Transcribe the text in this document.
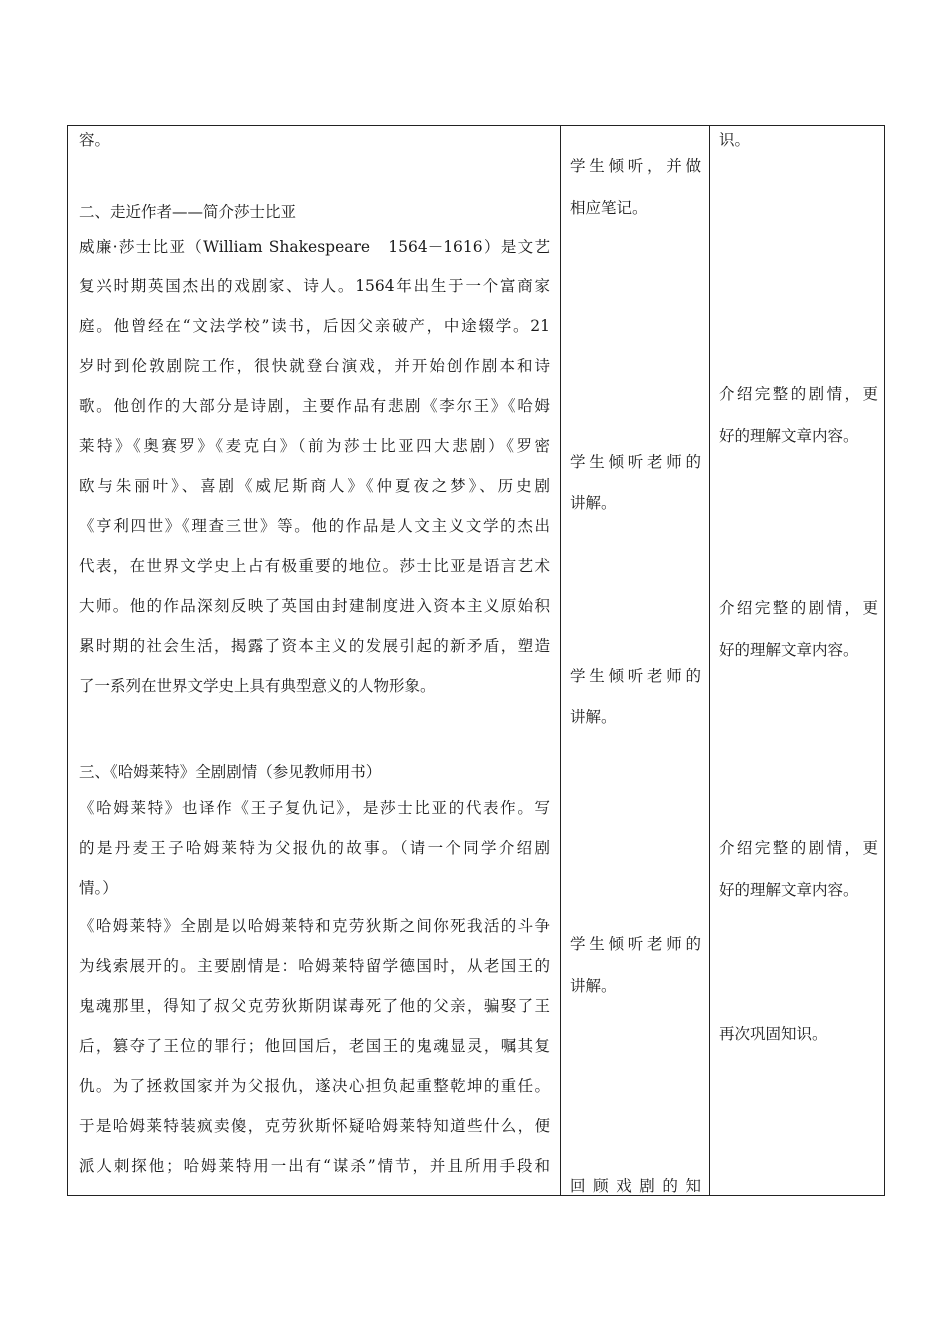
容。
二、走近作者——简介莎士比亚
威廉·莎士比亚（William Shakespeare　1564－1616）是文艺
复兴时期英国杰出的戏剧家、诗人。1564年出生于一个富商家
庭。他曾经在“文法学校”读书，后因父亲破产，中途辍学。21
岁时到伦敦剧院工作，很快就登台演戏，并开始创作剧本和诗
歌。他创作的大部分是诗剧，主要作品有悲剧《李尔王》《哈姆
莱特》《奥赛罗》《麦克白》（前为莎士比亚四大悲剧）《罗密
欧与朱丽叶》、喜剧《威尼斯商人》《仲夏夜之梦》、历史剧
《亨利四世》《理查三世》等。他的作品是人文主义文学的杰出
代表，在世界文学史上占有极重要的地位。莎士比亚是语言艺术
大师。他的作品深刻反映了英国由封建制度进入资本主义原始积
累时期的社会生活，揭露了资本主义的发展引起的新矛盾，塑造
了一系列在世界文学史上具有典型意义的人物形象。
三、《哈姆莱特》全剧剧情（参见教师用书）
《哈姆莱特》也译作《王子复仇记》，是莎士比亚的代表作。写
的是丹麦王子哈姆莱特为父报仇的故事。（请一个同学介绍剧
情。）
《哈姆莱特》全剧是以哈姆莱特和克劳狄斯之间你死我活的斗争
为线索展开的。主要剧情是：哈姆莱特留学德国时，从老国王的
鬼魂那里，得知了叔父克劳狄斯阴谋毒死了他的父亲，骗娶了王
后，篡夺了王位的罪行；他回国后，老国王的鬼魂显灵，嘱其复
仇。为了拯救国家并为父报仇，遂决心担负起重整乾坤的重任。
于是哈姆莱特装疯卖傻，克劳狄斯怀疑哈姆莱特知道些什么，便
派人刺探他；哈姆莱特用一出有“谋杀”情节，并且所用手段和
学生倾听，并做
相应笔记。
学生倾听老师的
讲解。
学生倾听老师的
讲解。
学生倾听老师的
讲解。
回顾戏剧的知
识。
介绍完整的剧情，更
好的理解文章内容。
介绍完整的剧情，更
好的理解文章内容。
介绍完整的剧情，更
好的理解文章内容。
再次巩固知识。
